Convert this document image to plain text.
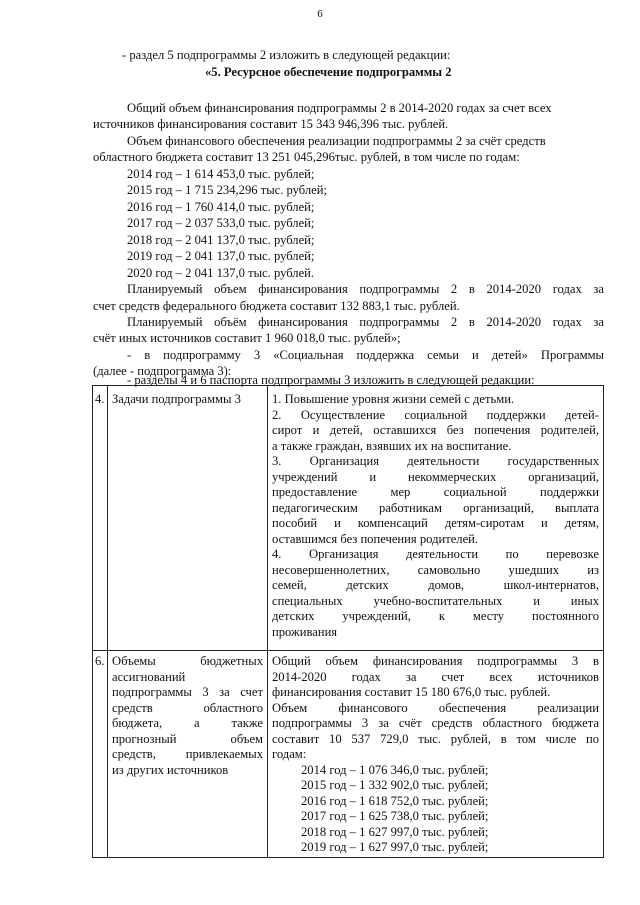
6
- раздел 5 подпрограммы 2 изложить в следующей редакции:
«5. Ресурсное обеспечение подпрограммы 2
Общий объем финансирования подпрограммы 2 в 2014-2020 годах за счет всех
источников финансирования составит 15 343 946,396 тыс. рублей.
Объем финансового обеспечения реализации подпрограммы 2 за счёт средств
областного бюджета составит 13 251 045,296тыс. рублей, в том числе по годам:
2014 год – 1 614 453,0 тыс. рублей;
2015 год – 1 715 234,296 тыс. рублей;
2016 год – 1 760 414,0 тыс. рублей;
2017 год – 2 037 533,0 тыс. рублей;
2018 год – 2 041 137,0 тыс. рублей;
2019 год – 2 041 137,0 тыс. рублей;
2020 год – 2 041 137,0 тыс. рублей.
Планируемый объем финансирования подпрограммы 2 в 2014-2020 годах за
счет средств федерального бюджета составит 132 883,1 тыс. рублей.
Планируемый объём финансирования подпрограммы 2 в 2014-2020 годах за
счёт иных источников составит 1 960 018,0 тыс. рублей»;
- в подпрограмму 3 «Социальная поддержка семьи и детей» Программы
(далее - подпрограмма 3):
- разделы 4 и 6 паспорта подпрограммы 3 изложить в следующей редакции:
4. Задачи подпрограммы 3	1. Повышение уровня жизни семей с детьми.
2. Осуществление социальной поддержки детей-
сирот и детей, оставшихся без попечения родителей,
а также граждан, взявших их на воспитание.
3. Организация деятельности государственных
учреждений и некоммерческих организаций,
предоставление мер социальной поддержки
педагогическим работникам организаций, выплата
пособий и компенсаций детям-сиротам и детям,
оставшимся без попечения родителей.
4. Организация деятельности по перевозке
несовершеннолетних, самовольно ушедших из
семей, детских домов, школ-интернатов,
специальных учебно-воспитательных и иных
детских учреждений, к месту постоянного
проживания
6. Объемы бюджетных
ассигнований
подпрограммы 3 за счет
средств областного
бюджета, а также
прогнозный объем
средств, привлекаемых
из других источников
Общий объем финансирования подпрограммы 3 в
2014-2020 годах за счет всех источников
финансирования составит 15 180 676,0 тыс. рублей.
Объем финансового обеспечения реализации
подпрограммы 3 за счёт средств областного бюджета
составит 10 537 729,0 тыс. рублей, в том числе по
годам:
2014 год – 1 076 346,0 тыс. рублей;
2015 год – 1 332 902,0 тыс. рублей;
2016 год – 1 618 752,0 тыс. рублей;
2017 год – 1 625 738,0 тыс. рублей;
2018 год – 1 627 997,0 тыс. рублей;
2019 год – 1 627 997,0 тыс. рублей;
